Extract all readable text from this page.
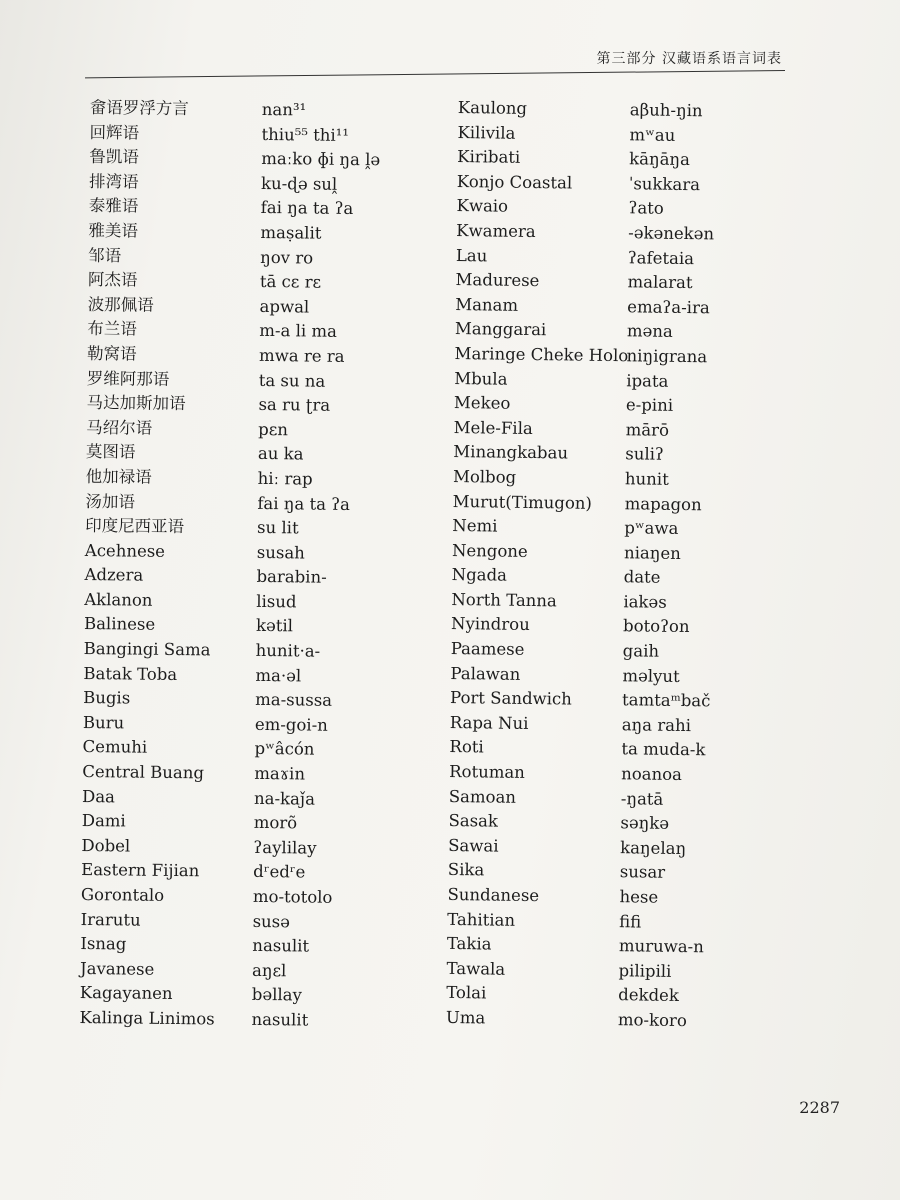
第三部分 汉藏语系语言词表
畲语罗浮方言
回辉语
鲁凯语
排湾语
泰雅语
雅美语
邹语
阿杰语
波那佩语
布兰语
勒窝语
罗维阿那语
马达加斯加语
马绍尔语
莫图语
他加禄语
汤加语
印度尼西亚语
Acehnese
Adzera
Aklanon
Balinese
Bangingi Sama
Batak Toba
Bugis
Buru
Cemuhi
Central Buang
Daa
Dami
Dobel
Eastern Fijian
Gorontalo
Irarutu
Isnag
Javanese
Kagayanen
Kalinga Linimos
nan³¹
thiu⁵⁵ thi¹¹
maːko ɸi ŋa ḽə
ku-ɖə suḽ
fai ŋa ta ʔa
maṣalit
ŋov ro
tā cɛ rɛ
apwal
m-a li ma
mwa re ra
ta su na
sa ru ʈra
pɛn
au ka
hiː rap
fai ŋa ta ʔa
su lit
susah
barabin-
lisud
kətil
hunit·a-
ma·əl
ma-sussa
em-goi-n
pʷâcón
maɤin
na-kaǰa
morõ
ʔaylilay
dʳedʳe
mo-totolo
susə
nasulit
aŋɛl
bəllay
nasulit
Kaulong
Kilivila
Kiribati
Konjo Coastal
Kwaio
Kwamera
Lau
Madurese
Manam
Manggarai
Maringe Cheke Holo
Mbula
Mekeo
Mele-Fila
Minangkabau
Molbog
Murut(Timugon)
Nemi
Nengone
Ngada
North Tanna
Nyindrou
Paamese
Palawan
Port Sandwich
Rapa Nui
Roti
Rotuman
Samoan
Sasak
Sawai
Sika
Sundanese
Tahitian
Takia
Tawala
Tolai
Uma
aβuh-ŋin
mʷau
kāŋāŋa
ˈsukkara
ʔato
-əkənekən
ʔafetaia
malarat
emaʔa-ira
məna
niŋigrana
ipata
e-pini
mārō
suliʔ
hunit
mapagon
pʷawa
niaŋen
date
iakəs
botoʔon
gaih
məlyut
tamtaᵐbač
aŋa rahi
ta muda-k
noanoa
-ŋatā
səŋkə
kaŋelaŋ
susar
hese
fifi
muruwa-n
pilipili
dekdek
mo-koro
2287
